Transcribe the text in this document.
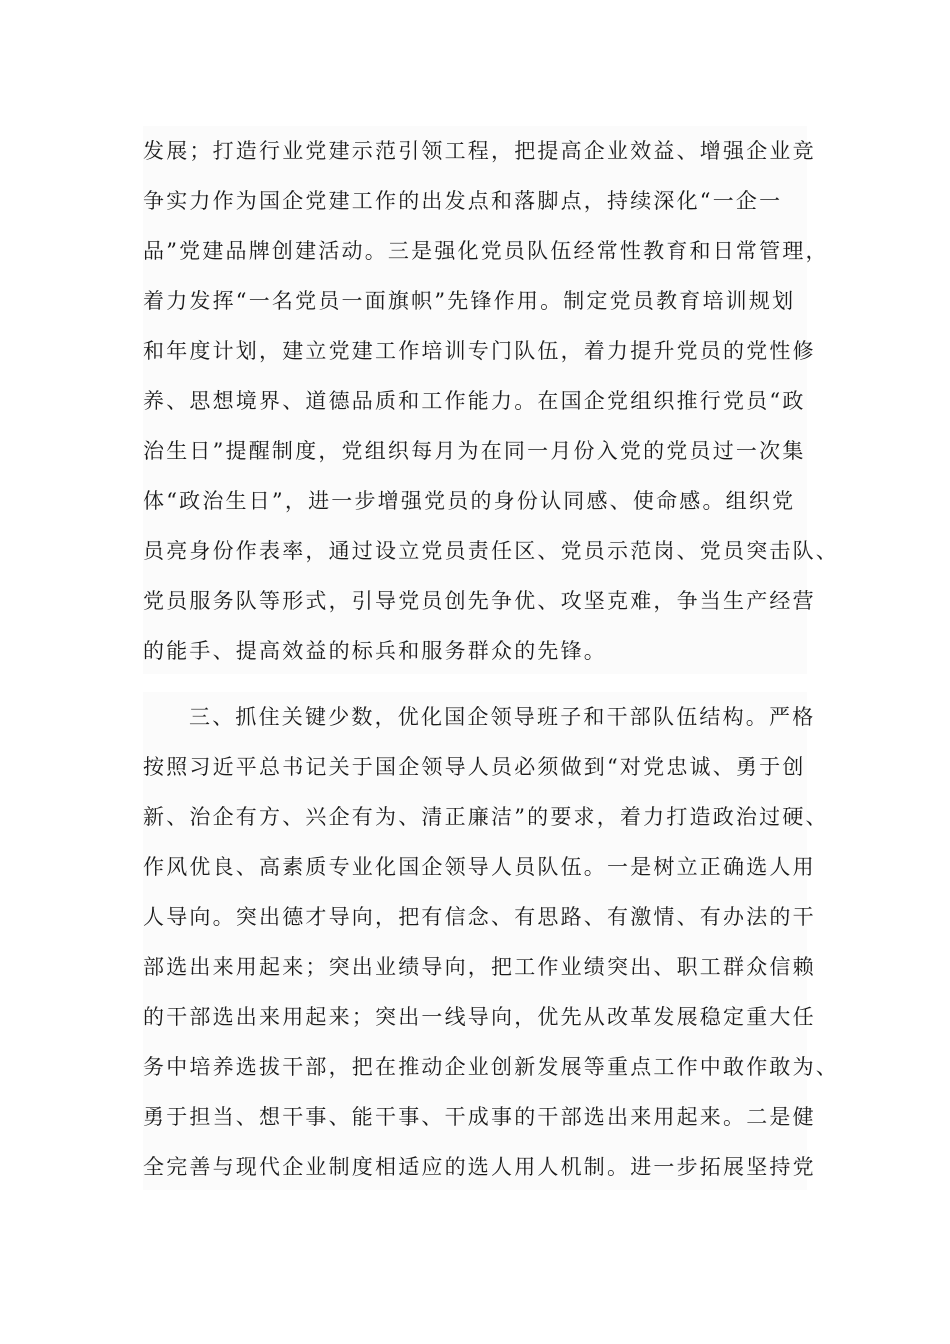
发展；打造行业党建示范引领工程，把提高企业效益、增强企业竞
争实力作为国企党建工作的出发点和落脚点，持续深化“一企一
品”党建品牌创建活动。三是强化党员队伍经常性教育和日常管理，
着力发挥“一名党员一面旗帜”先锋作用。制定党员教育培训规划
和年度计划，建立党建工作培训专门队伍，着力提升党员的党性修
养、思想境界、道德品质和工作能力。在国企党组织推行党员“政
治生日”提醒制度，党组织每月为在同一月份入党的党员过一次集
体“政治生日”，进一步增强党员的身份认同感、使命感。组织党
员亮身份作表率，通过设立党员责任区、党员示范岗、党员突击队、
党员服务队等形式，引导党员创先争优、攻坚克难，争当生产经营
的能手、提高效益的标兵和服务群众的先锋。
三、抓住关键少数，优化国企领导班子和干部队伍结构。严格
按照习近平总书记关于国企领导人员必须做到“对党忠诚、勇于创
新、治企有方、兴企有为、清正廉洁”的要求，着力打造政治过硬、
作风优良、高素质专业化国企领导人员队伍。一是树立正确选人用
人导向。突出德才导向，把有信念、有思路、有激情、有办法的干
部选出来用起来；突出业绩导向，把工作业绩突出、职工群众信赖
的干部选出来用起来；突出一线导向，优先从改革发展稳定重大任
务中培养选拔干部，把在推动企业创新发展等重点工作中敢作敢为、
勇于担当、想干事、能干事、干成事的干部选出来用起来。二是健
全完善与现代企业制度相适应的选人用人机制。进一步拓展坚持党
